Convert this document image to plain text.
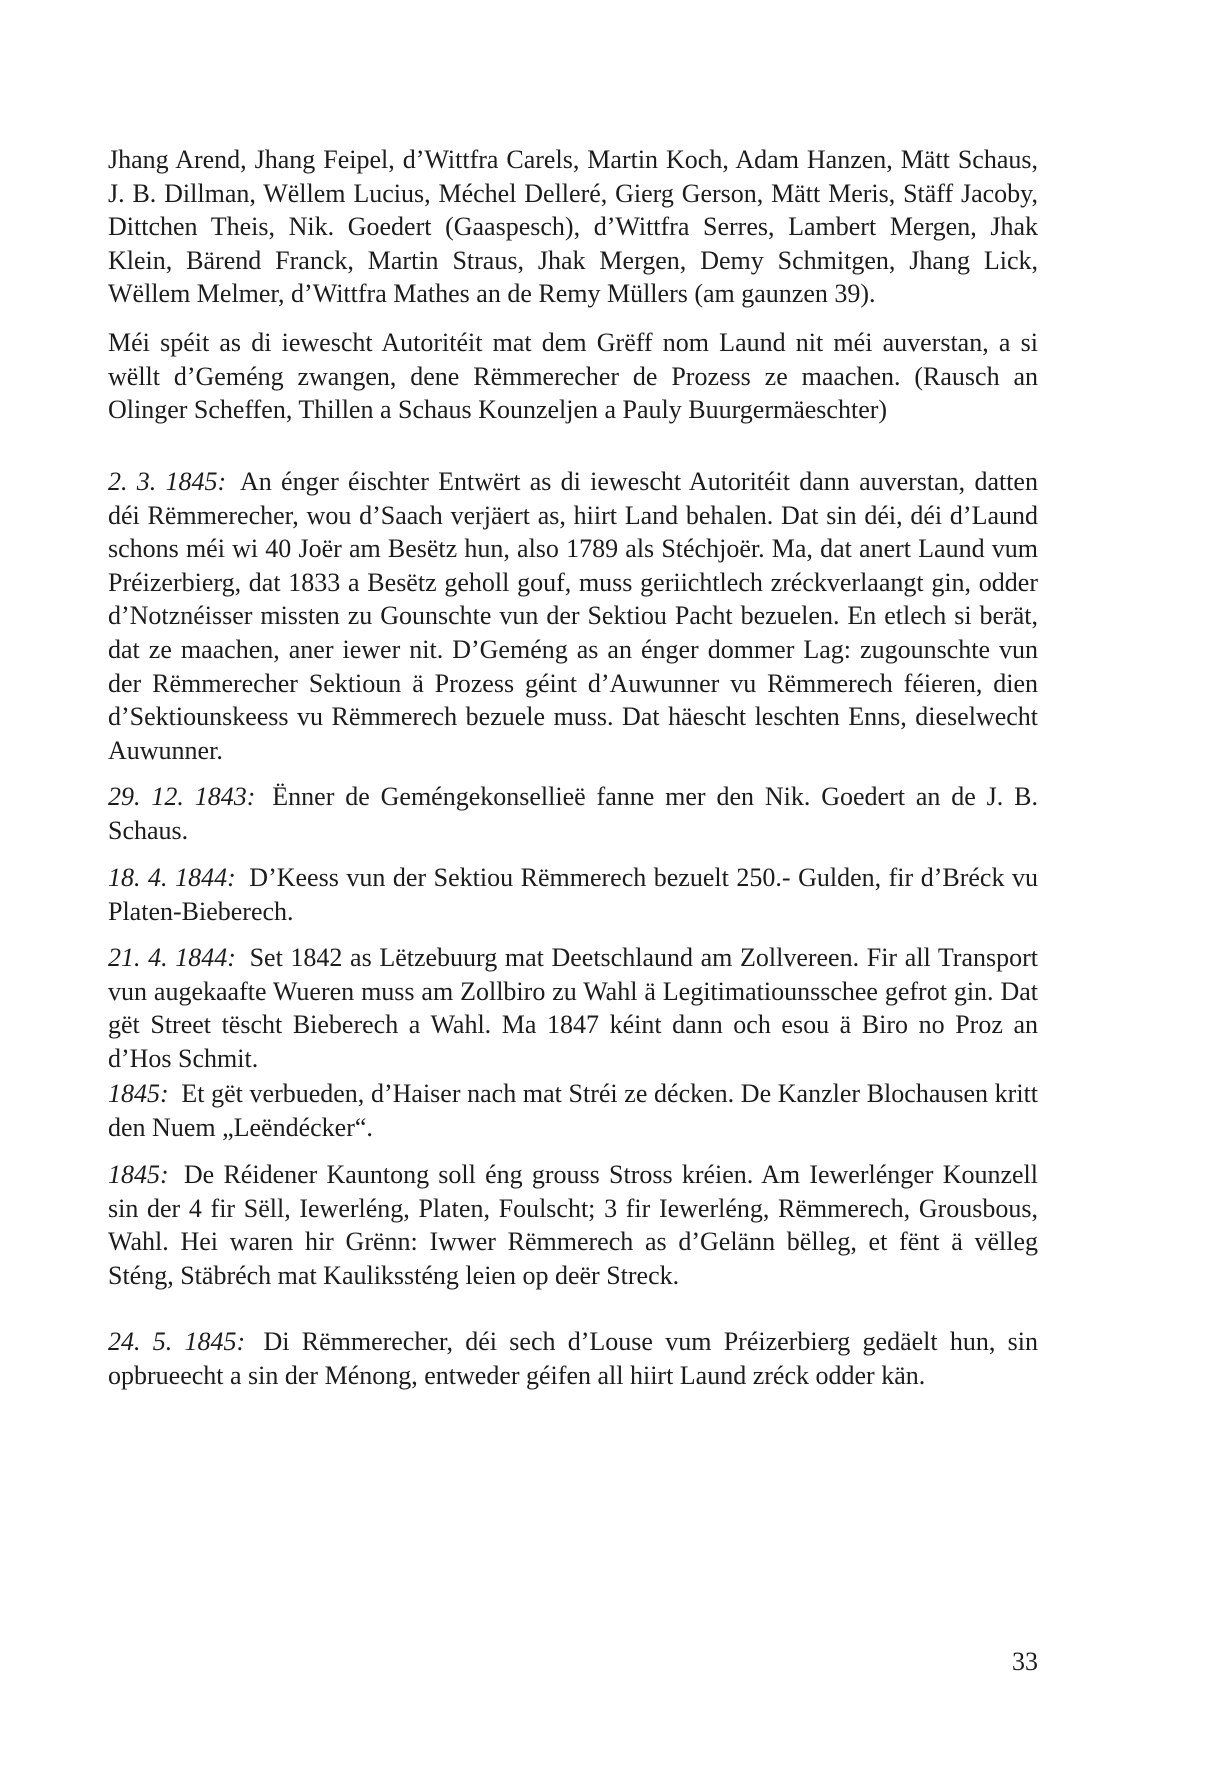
Jhang Arend, Jhang Feipel, d’Wittfra Carels, Martin Koch, Adam Hanzen, Mätt Schaus, J. B. Dillman, Wëllem Lucius, Méchel Delleré, Gierg Gerson, Mätt Meris, Stäff Jacoby, Dittchen Theis, Nik. Goedert (Gaaspesch), d’Wittfra Serres, Lambert Mergen, Jhak Klein, Bärend Franck, Martin Straus, Jhak Mergen, Demy Schmitgen, Jhang Lick, Wëllem Melmer, d’Wittfra Mathes an de Remy Müllers (am gaunzen 39).

Méi spéit as di iewescht Autoritéit mat dem Grëff nom Laund nit méi auverstan, a si wëllt d’Geméng zwangen, dene Rëmmerecher de Prozess ze maachen. (Rausch an Olinger Scheffen, Thillen a Schaus Kounzeljen a Pauly Buurgermäeschter)

2. 3. 1845: An énger éischter Entwërt as di iewescht Autoritéit dann auverstan, datten déi Rëmmerecher, wou d’Saach verjäert as, hiirt Land behalen. Dat sin déi, déi d’Laund schons méi wi 40 Joër am Besëtz hun, also 1789 als Stéchjoër. Ma, dat anert Laund vum Préizerbierg, dat 1833 a Besëtz geholl gouf, muss geriichtlech zréckverlaangt gin, odder d’Notznéisser missten zu Gounschte vun der Sektiou Pacht bezuelen. En etlech si berät, dat ze maachen, aner iewer nit. D’Geméng as an énger dommer Lag: zugounschte vun der Rëmmerecher Sektioun ä Prozess géint d’Auwunner vu Rëmmerech féieren, dien d’Sektiounskeess vu Rëmmerech bezuele muss. Dat häescht leschten Enns, dieselwecht Auwunner.

29. 12. 1843: Ënner de Geméngekonsellieë fanne mer den Nik. Goedert an de J. B. Schaus.

18. 4. 1844: D’Keess vun der Sektiou Rëmmerech bezuelt 250.- Gulden, fir d’Bréck vu Platen-Bieberech.

21. 4. 1844: Set 1842 as Lëtzebuurg mat Deetschlaund am Zollvereen. Fir all Transport vun augekaafte Wueren muss am Zollbiro zu Wahl ä Legitimatiounsschee gefrot gin. Dat gët Street tëscht Bieberech a Wahl. Ma 1847 kéint dann och esou ä Biro no Proz an d’Hos Schmit.

1845: Et gët verbueden, d’Haiser nach mat Stréi ze décken. De Kanzler Blochausen kritt den Nuem „Leëndécker“.

1845: De Réidener Kauntong soll éng grouss Stross kréien. Am Iewerlénger Kounzell sin der 4 fir Sëll, Iewerléng, Platen, Foulscht; 3 fir Iewerléng, Rëmmerech, Grousbous, Wahl. Hei waren hir Grënn: Iwwer Rëmmerech as d’Gelänn bëlleg, et fënt ä vëlleg Sténg, Stäbréch mat Kaulikssténg leien op deër Streck.

24. 5. 1845: Di Rëmmerecher, déi sech d’Louse vum Préizerbierg gedäelt hun, sin opbrueecht a sin der Ménong, entweder géifen all hiirt Laund zréck odder kän.

33
